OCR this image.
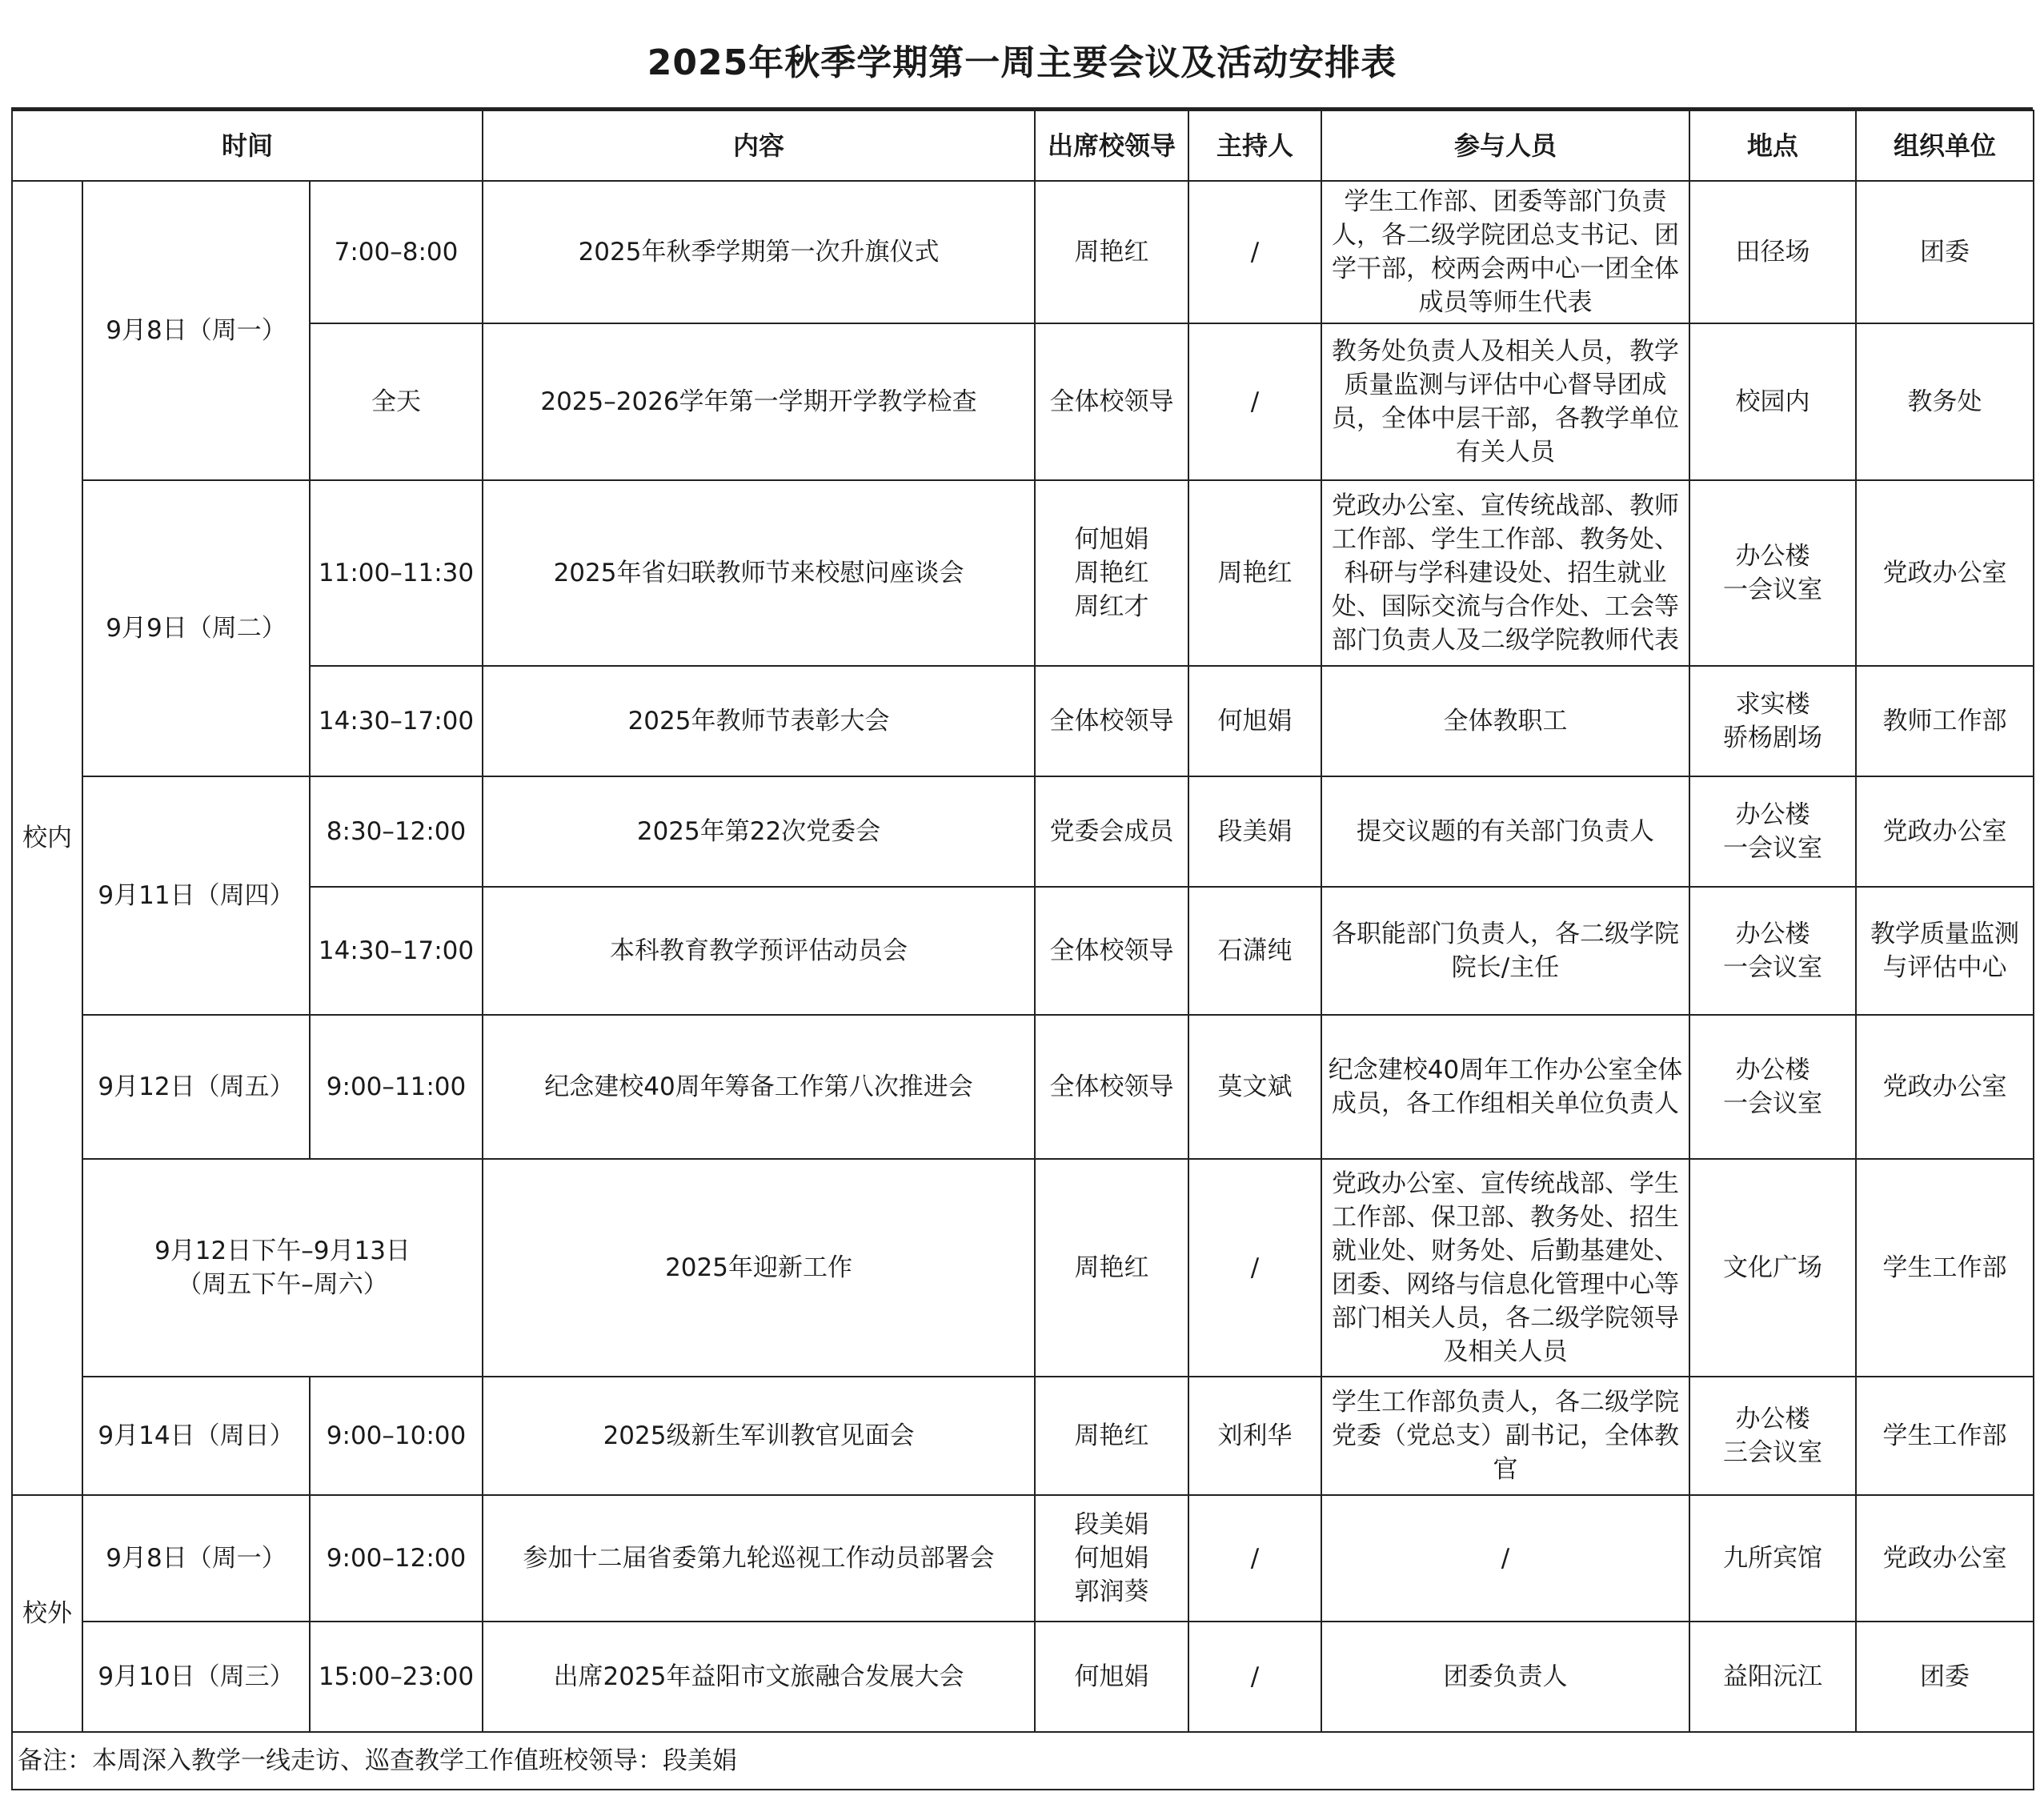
2025年秋季学期第一周主要会议及活动安排表
时间			内容	出席校领导	主持人	参与人员	地点	组织单位
校内	9月8日（周一）	7:00–8:00	2025年秋季学期第一次升旗仪式	周艳红	/	学生工作部、团委等部门负责人，各二级学院团总支书记、团学干部，校两会两中心一团全体成员等师生代表	田径场	团委
		全天	2025–2026学年第一学期开学教学检查	全体校领导	/	教务处负责人及相关人员，教学质量监测与评估中心督导团成员，全体中层干部，各教学单位有关人员	校园内	教务处
	9月9日（周二）	11:00–11:30	2025年省妇联教师节来校慰问座谈会	何旭娟
周艳红
周红才	周艳红	党政办公室、宣传统战部、教师工作部、学生工作部、教务处、科研与学科建设处、招生就业处、国际交流与合作处、工会等部门负责人及二级学院教师代表	办公楼
一会议室	党政办公室
		14:30–17:00	2025年教师节表彰大会	全体校领导	何旭娟	全体教职工	求实楼
骄杨剧场	教师工作部
	9月11日（周四）	8:30–12:00	2025年第22次党委会	党委会成员	段美娟	提交议题的有关部门负责人	办公楼
一会议室	党政办公室
		14:30–17:00	本科教育教学预评估动员会	全体校领导	石潇纯	各职能部门负责人，各二级学院院长/主任	办公楼
一会议室	教学质量监测
与评估中心
	9月12日（周五）	9:00–11:00	纪念建校40周年筹备工作第八次推进会	全体校领导	莫文斌	纪念建校40周年工作办公室全体成员，各工作组相关单位负责人	办公楼
一会议室	党政办公室
	9月12日下午–9月13日
（周五下午–周六）		2025年迎新工作	周艳红	/	党政办公室、宣传统战部、学生工作部、保卫部、教务处、招生就业处、财务处、后勤基建处、团委、网络与信息化管理中心等部门相关人员，各二级学院领导及相关人员	文化广场	学生工作部
	9月14日（周日）	9:00–10:00	2025级新生军训教官见面会	周艳红	刘利华	学生工作部负责人，各二级学院党委（党总支）副书记，全体教官	办公楼
三会议室	学生工作部
校外	9月8日（周一）	9:00–12:00	参加十二届省委第九轮巡视工作动员部署会	段美娟
何旭娟
郭润葵	/	/	九所宾馆	党政办公室
	9月10日（周三）	15:00–23:00	出席2025年益阳市文旅融合发展大会	何旭娟	/	团委负责人	益阳沅江	团委
备注：本周深入教学一线走访、巡查教学工作值班校领导：段美娟								
